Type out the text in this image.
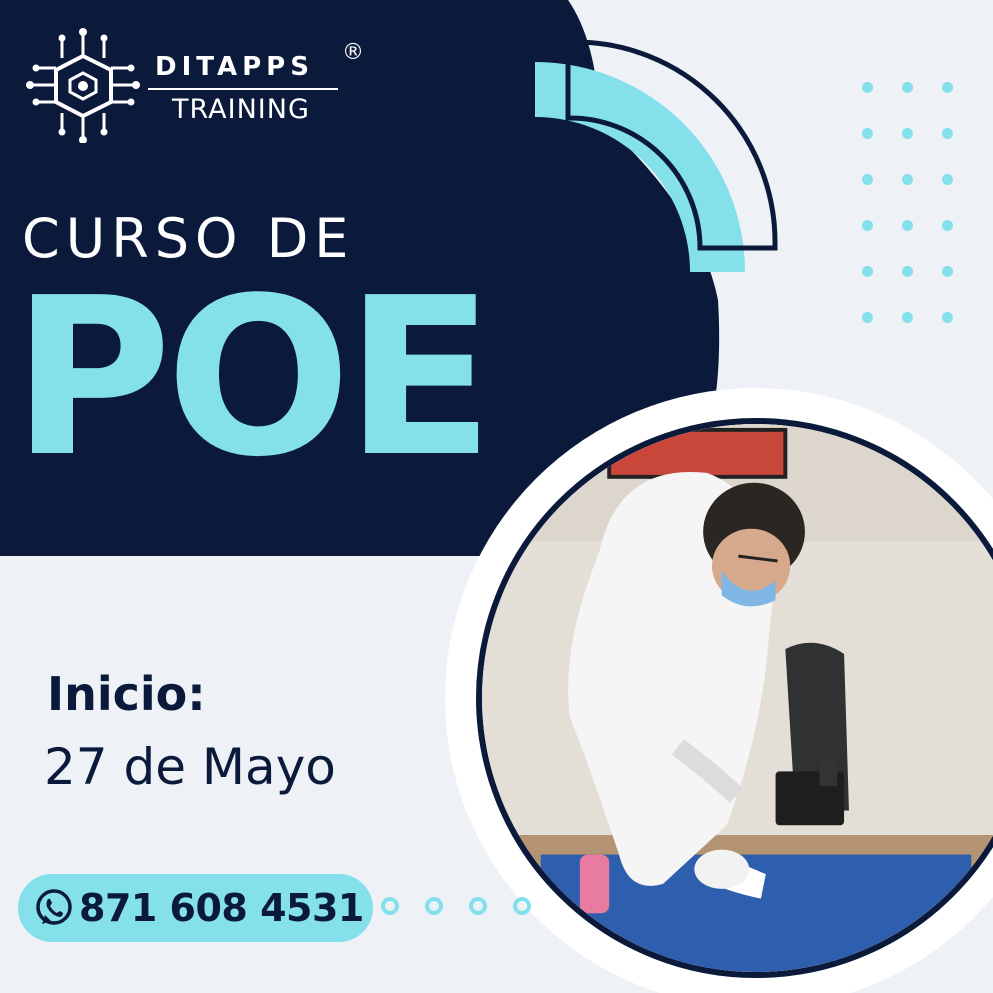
DITAPPS ®
TRAINING
CURSO DE
POE
Inicio:
27 de Mayo
871 608 4531
